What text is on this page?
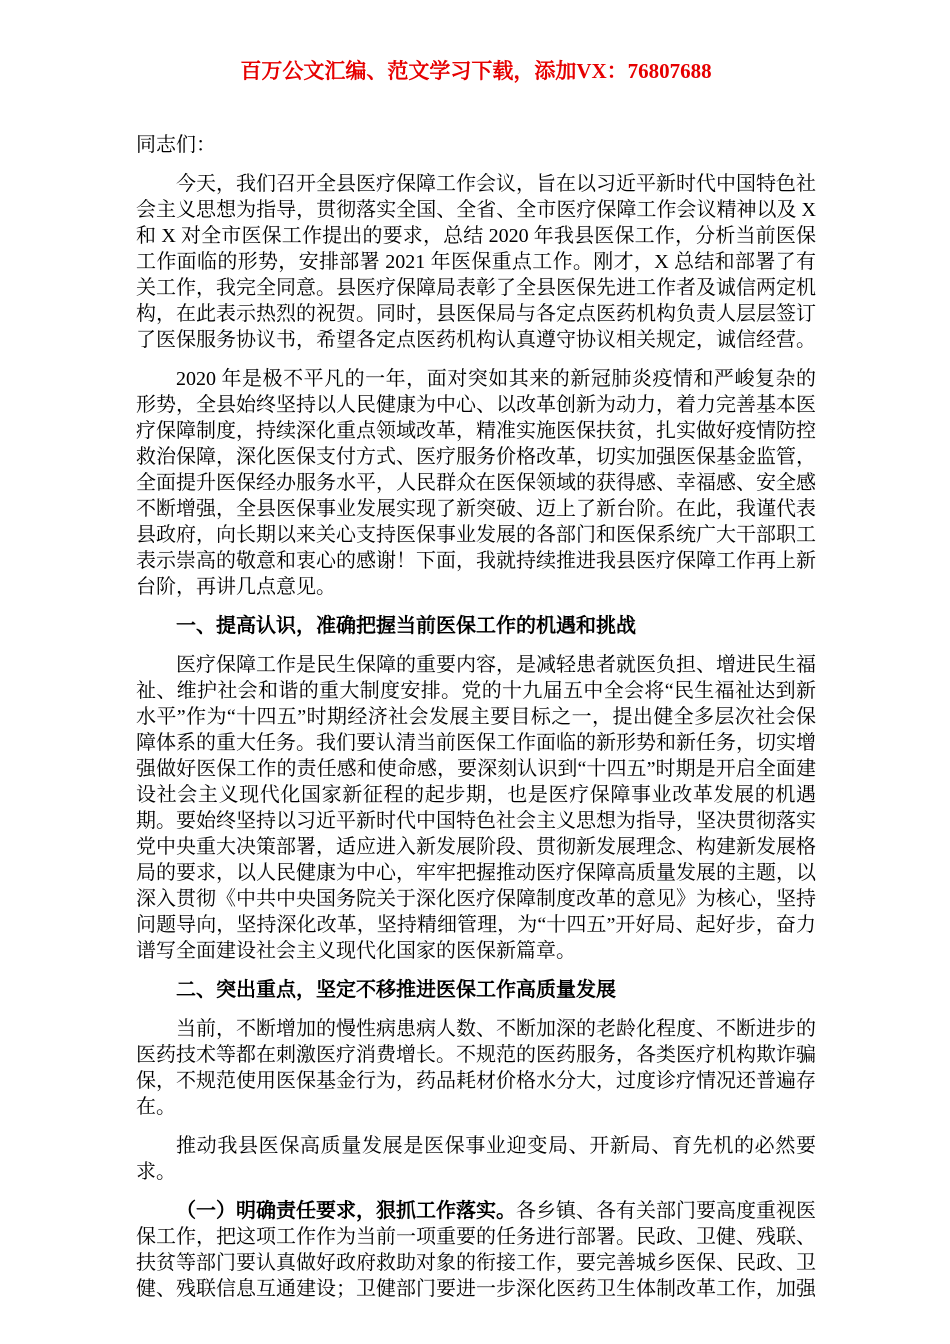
百万公文汇编、范文学习下载，添加VX：76807688

同志们：

今天，我们召开全县医疗保障工作会议，旨在以习近平新时代中国特色社会主义思想为指导，贯彻落实全国、全省、全市医疗保障工作会议精神以及 X 和 X 对全市医保工作提出的要求，总结 2020 年我县医保工作，分析当前医保工作面临的形势，安排部署 2021 年医保重点工作。刚才，X 总结和部署了有关工作，我完全同意。县医疗保障局表彰了全县医保先进工作者及诚信两定机构，在此表示热烈的祝贺。同时，县医保局与各定点医药机构负责人层层签订了医保服务协议书，希望各定点医药机构认真遵守协议相关规定，诚信经营。

2020 年是极不平凡的一年，面对突如其来的新冠肺炎疫情和严峻复杂的形势，全县始终坚持以人民健康为中心、以改革创新为动力，着力完善基本医疗保障制度，持续深化重点领域改革，精准实施医保扶贫，扎实做好疫情防控救治保障，深化医保支付方式、医疗服务价格改革，切实加强医保基金监管，全面提升医保经办服务水平，人民群众在医保领域的获得感、幸福感、安全感不断增强，全县医保事业发展实现了新突破、迈上了新台阶。在此，我谨代表县政府，向长期以来关心支持医保事业发展的各部门和医保系统广大干部职工表示崇高的敬意和衷心的感谢！下面，我就持续推进我县医疗保障工作再上新台阶，再讲几点意见。

一、提高认识，准确把握当前医保工作的机遇和挑战

医疗保障工作是民生保障的重要内容，是减轻患者就医负担、增进民生福祉、维护社会和谐的重大制度安排。党的十九届五中全会将“民生福祉达到新水平”作为“十四五”时期经济社会发展主要目标之一，提出健全多层次社会保障体系的重大任务。我们要认清当前医保工作面临的新形势和新任务，切实增强做好医保工作的责任感和使命感，要深刻认识到“十四五”时期是开启全面建设社会主义现代化国家新征程的起步期，也是医疗保障事业改革发展的机遇期。要始终坚持以习近平新时代中国特色社会主义思想为指导，坚决贯彻落实党中央重大决策部署，适应进入新发展阶段、贯彻新发展理念、构建新发展格局的要求，以人民健康为中心，牢牢把握推动医疗保障高质量发展的主题，以深入贯彻《中共中央国务院关于深化医疗保障制度改革的意见》为核心，坚持问题导向，坚持深化改革，坚持精细管理，为“十四五”开好局、起好步，奋力谱写全面建设社会主义现代化国家的医保新篇章。

二、突出重点，坚定不移推进医保工作高质量发展

当前，不断增加的慢性病患病人数、不断加深的老龄化程度、不断进步的医药技术等都在刺激医疗消费增长。不规范的医药服务，各类医疗机构欺诈骗保，不规范使用医保基金行为，药品耗材价格水分大，过度诊疗情况还普遍存在。

推动我县医保高质量发展是医保事业迎变局、开新局、育先机的必然要求。

（一）明确责任要求，狠抓工作落实。各乡镇、各有关部门要高度重视医保工作，把这项工作作为当前一项重要的任务进行部署。民政、卫健、残联、扶贫等部门要认真做好政府救助对象的衔接工作，要完善城乡医保、民政、卫健、残联信息互通建设；卫健部门要进一步深化医药卫生体制改革工作，加强
